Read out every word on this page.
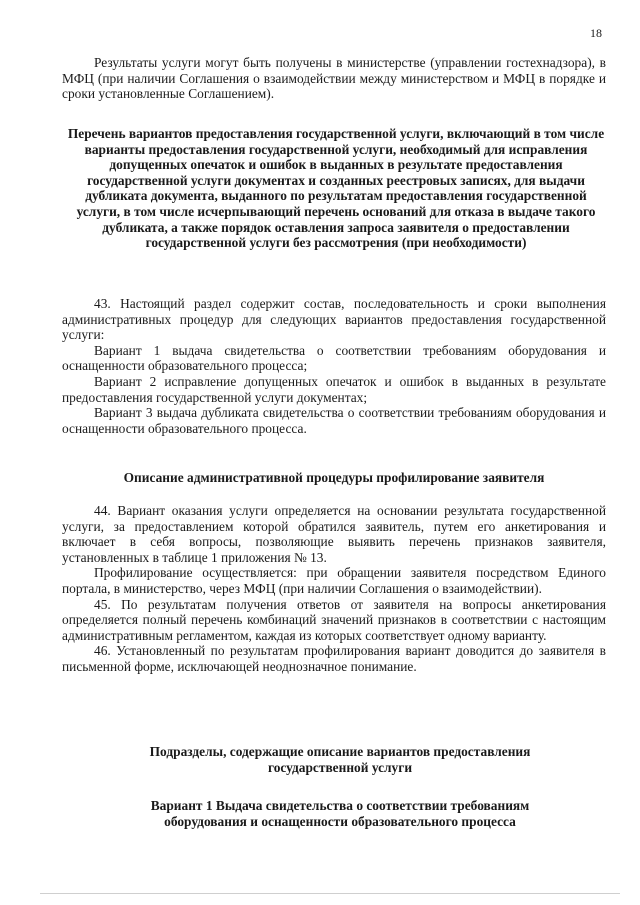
18

Результаты услуги могут быть получены в министерстве (управлении гостехнадзора), в МФЦ (при наличии Соглашения о взаимодействии между министерством и МФЦ в порядке и сроки установленные Соглашением).

Перечень вариантов предоставления государственной услуги, включающий в том числе варианты предоставления государственной услуги, необходимый для исправления допущенных опечаток и ошибок в выданных в результате предоставления государственной услуги документах и созданных реестровых записях, для выдачи дубликата документа, выданного по результатам предоставления государственной услуги, в том числе исчерпывающий перечень оснований для отказа в выдаче такого дубликата, а также порядок оставления запроса заявителя о предоставлении государственной услуги без рассмотрения (при необходимости)

43. Настоящий раздел содержит состав, последовательность и сроки выполнения административных процедур для следующих вариантов предоставления государственной услуги:

Вариант 1 выдача свидетельства о соответствии требованиям оборудования и оснащенности образовательного процесса;

Вариант 2 исправление допущенных опечаток и ошибок в выданных в результате предоставления государственной услуги документах;

Вариант 3 выдача дубликата свидетельства о соответствии требованиям оборудования и оснащенности образовательного процесса.

Описание административной процедуры профилирование заявителя

44. Вариант оказания услуги определяется на основании результата государственной услуги, за предоставлением которой обратился заявитель, путем его анкетирования и включает в себя вопросы, позволяющие выявить перечень признаков заявителя, установленных в таблице 1 приложения № 13.

Профилирование осуществляется: при обращении заявителя посредством Единого портала, в министерство, через МФЦ (при наличии Соглашения о взаимодействии).

45. По результатам получения ответов от заявителя на вопросы анкетирования определяется полный перечень комбинаций значений признаков в соответствии с настоящим административным регламентом, каждая из которых соответствует одному варианту.

46. Установленный по результатам профилирования вариант доводится до заявителя в письменной форме, исключающей неоднозначное понимание.

Подразделы, содержащие описание вариантов предоставления государственной услуги

Вариант 1 Выдача свидетельства о соответствии требованиям оборудования и оснащенности образовательного процесса
